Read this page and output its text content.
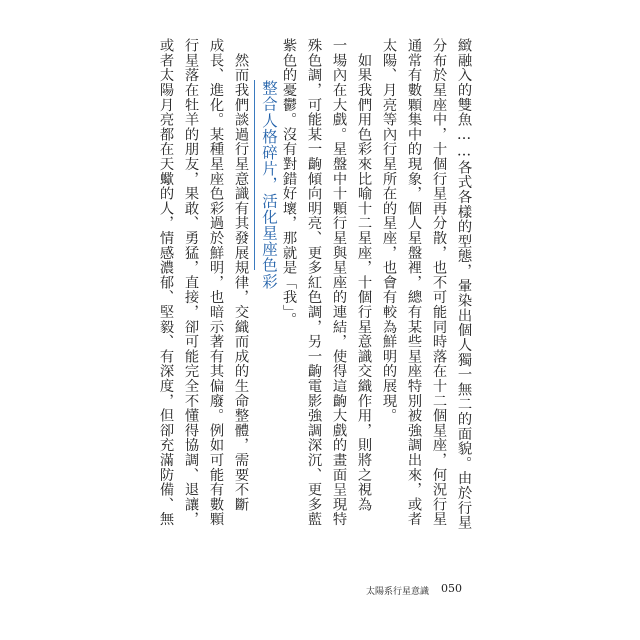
緻融入的雙魚……各式各樣的型態，暈染出個人獨一無二的面貌。由於行星
分布於星座中，十個行星再分散，也不可能同時落在十二個星座，何況行星
通常有數顆集中的現象，個人星盤裡，總有某些星座特別被強調出來，或者
太陽、月亮等內行星所在的星座，也會有較為鮮明的展現。
　如果我們用色彩來比喻十二星座，十個行星意識交織作用，則將之視為
一場內在大戲。星盤中十顆行星與星座的連結，使得這齣大戲的畫面呈現特
殊色調，可能某一齣傾向明亮、更多紅色調，另一齣電影強調深沉、更多藍
紫色的憂鬱。沒有對錯好壞，那就是「我」。
整合人格碎片，活化星座色彩
　然而我們談過行星意識有其發展規律，交織而成的生命整體，需要不斷
成長、進化。某種星座色彩過於鮮明，也暗示著有其偏廢。例如可能有數顆
行星落在牡羊的朋友，果敢、勇猛，直接，卻可能完全不懂得協調、退讓，
或者太陽月亮都在天蠍的人，情感濃郁、堅毅、有深度，但卻充滿防備、無
太陽系行星意識 050
